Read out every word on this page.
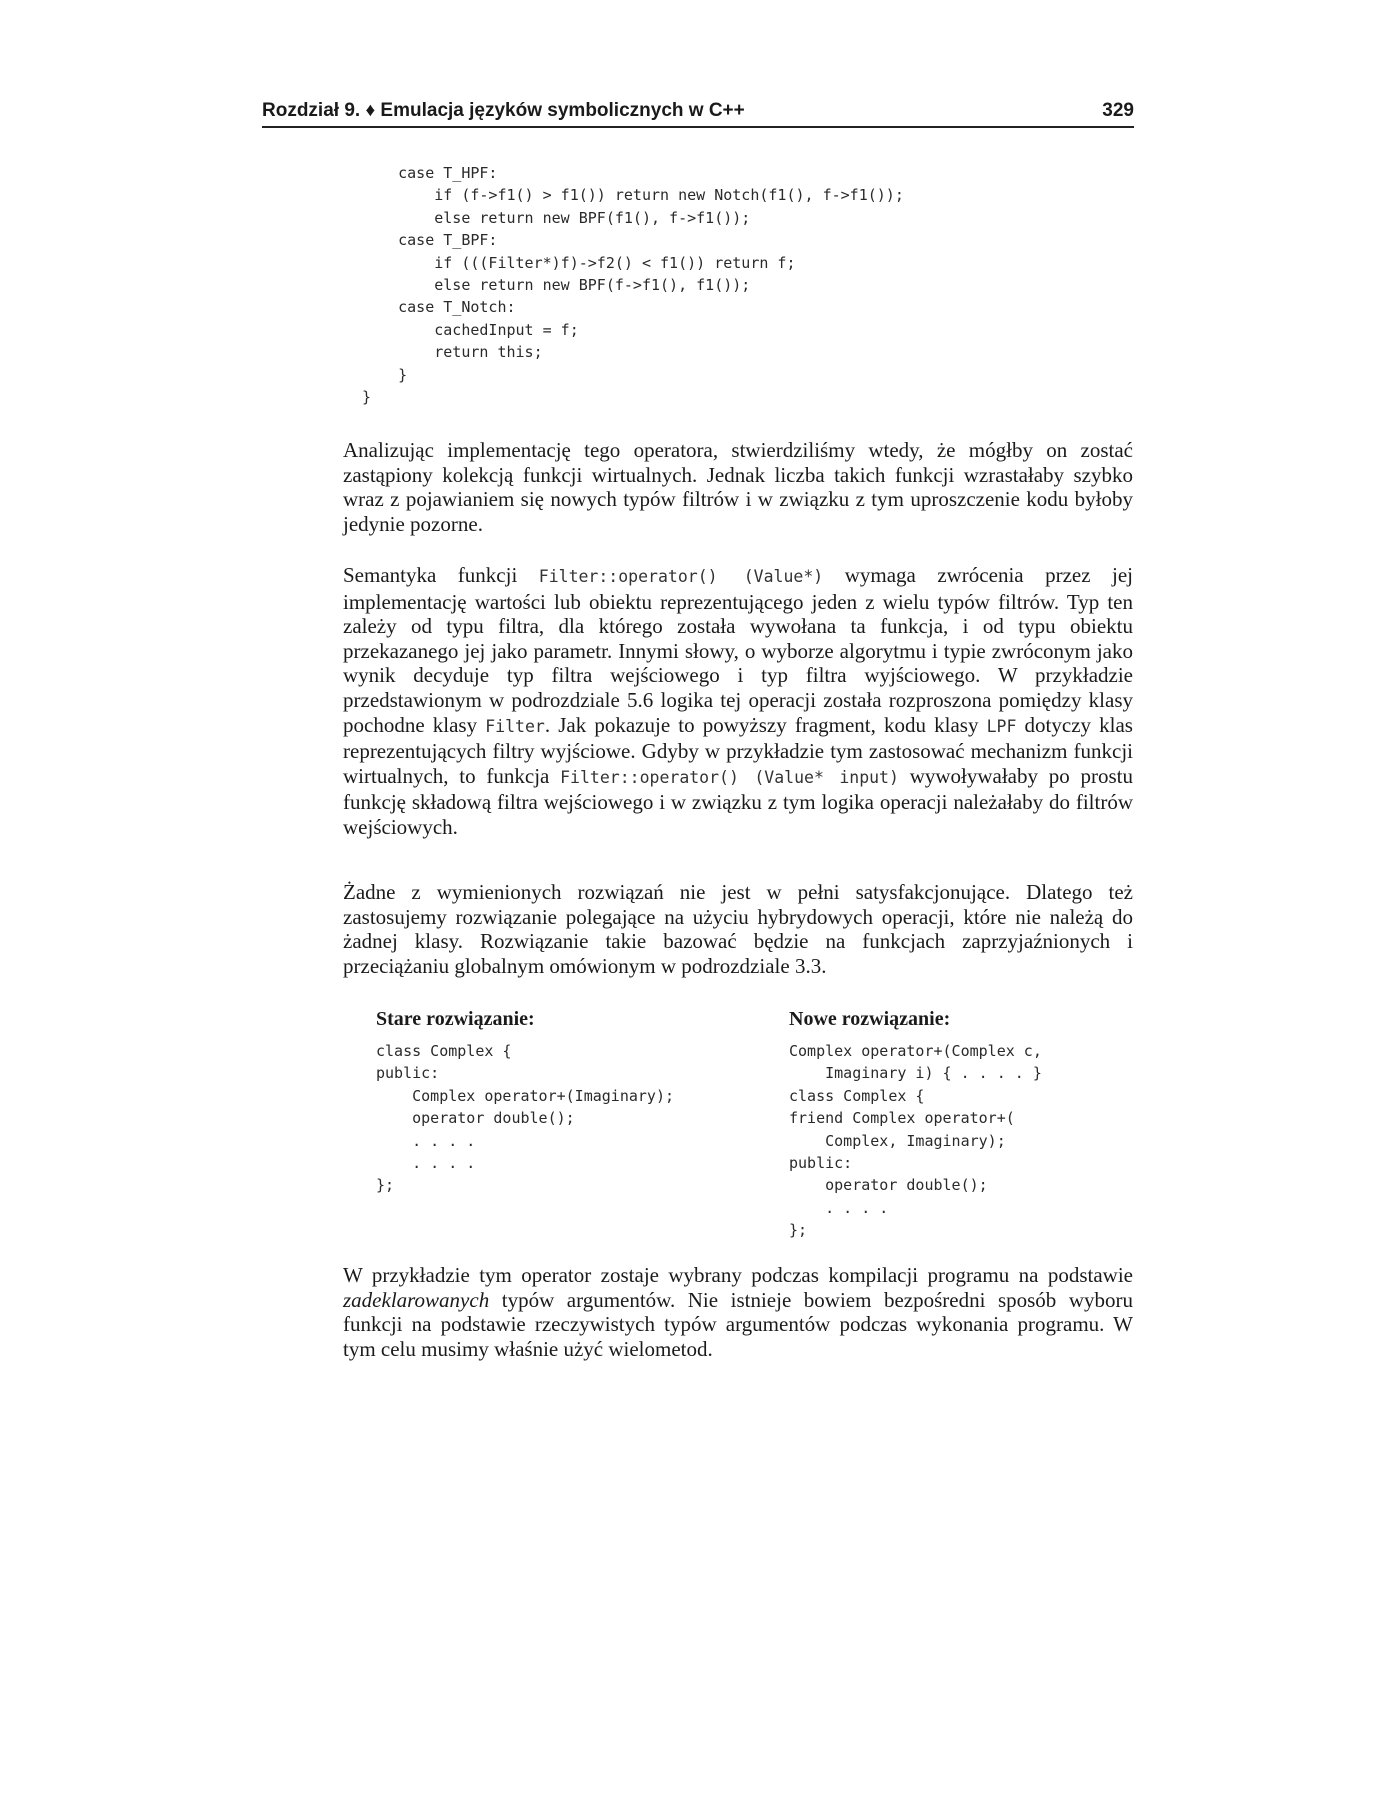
Rozdział 9. ♦ Emulacja języków symbolicznych w C++	329
case T_HPF:
if (f->f1() > f1()) return new Notch(f1(), f->f1());
else return new BPF(f1(), f->f1());
case T_BPF:
if (((Filter*)f)->f2() < f1()) return f;
else return new BPF(f->f1(), f1());
case T_Notch:
cachedInput = f;
return this;
}
}

Analizując implementację tego operatora, stwierdziliśmy wtedy, że mógłby on zostać zastąpiony kolekcją funkcji wirtualnych. Jednak liczba takich funkcji wzrastałaby szybko wraz z pojawianiem się nowych typów filtrów i w związku z tym uproszczenie kodu byłoby jedynie pozorne.

Semantyka funkcji Filter::operator() (Value*) wymaga zwrócenia przez jej implementację wartości lub obiektu reprezentującego jeden z wielu typów filtrów. Typ ten zależy od typu filtra, dla którego została wywołana ta funkcja, i od typu obiektu przekazanego jej jako parametr. Innymi słowy, o wyborze algorytmu i typie zwróconym jako wynik decyduje typ filtra wejściowego i typ filtra wyjściowego. W przykładzie przedstawionym w podrozdziale 5.6 logika tej operacji została rozproszona pomiędzy klasy pochodne klasy Filter. Jak pokazuje to powyższy fragment, kodu klasy LPF dotyczy klas reprezentujących filtry wyjściowe. Gdyby w przykładzie tym zastosować mechanizm funkcji wirtualnych, to funkcja Filter::operator() (Value* input) wywoływałaby po prostu funkcję składową filtra wejściowego i w związku z tym logika operacji należałaby do filtrów wejściowych.

Żadne z wymienionych rozwiązań nie jest w pełni satysfakcjonujące. Dlatego też zastosujemy rozwiązanie polegające na użyciu hybrydowych operacji, które nie należą do żadnej klasy. Rozwiązanie takie bazować będzie na funkcjach zaprzyjaźnionych i przeciążaniu globalnym omówionym w podrozdziale 3.3.

Stare rozwiązanie:
class Complex {
public:
Complex operator+(Imaginary);
operator double();
. . . .
. . . .
};
Nowe rozwiązanie:
Complex operator+(Complex c,
Imaginary i) { . . . . }
class Complex {
friend Complex operator+(
Complex, Imaginary);
public:
operator double();
. . . .
};

W przykładzie tym operator zostaje wybrany podczas kompilacji programu na podstawie zadeklarowanych typów argumentów. Nie istnieje bowiem bezpośredni sposób wyboru funkcji na podstawie rzeczywistych typów argumentów podczas wykonania programu. W tym celu musimy właśnie użyć wielometod.
